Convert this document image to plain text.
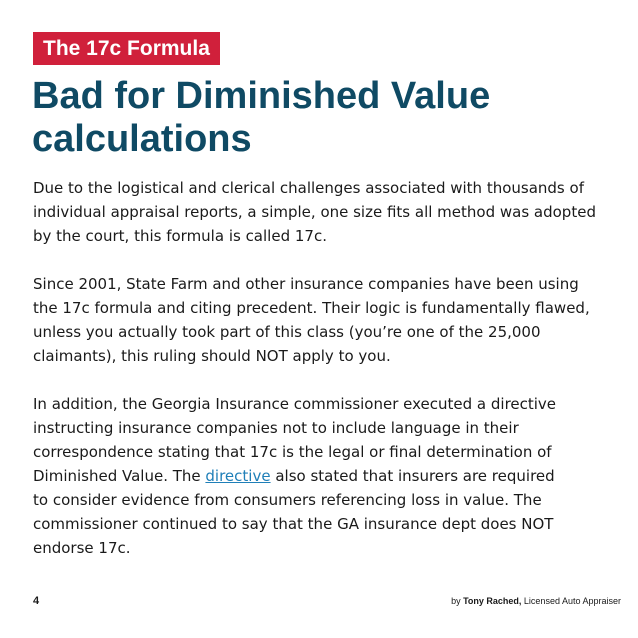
The 17c Formula
Bad for Diminished Value
calculations

Due to the logistical and clerical challenges associated with thousands of
individual appraisal reports, a simple, one size fits all method was adopted
by the court, this formula is called 17c.

Since 2001, State Farm and other insurance companies have been using
the 17c formula and citing precedent. Their logic is fundamentally flawed,
unless you actually took part of this class (you’re one of the 25,000
claimants), this ruling should NOT apply to you.

In addition, the Georgia Insurance commissioner executed a directive
instructing insurance companies not to include language in their
correspondence stating that 17c is the legal or final determination of
Diminished Value. The directive also stated that insurers are required
to consider evidence from consumers referencing loss in value. The
commissioner continued to say that the GA insurance dept does NOT
endorse 17c.

4	by Tony Rached, Licensed Auto Appraiser
